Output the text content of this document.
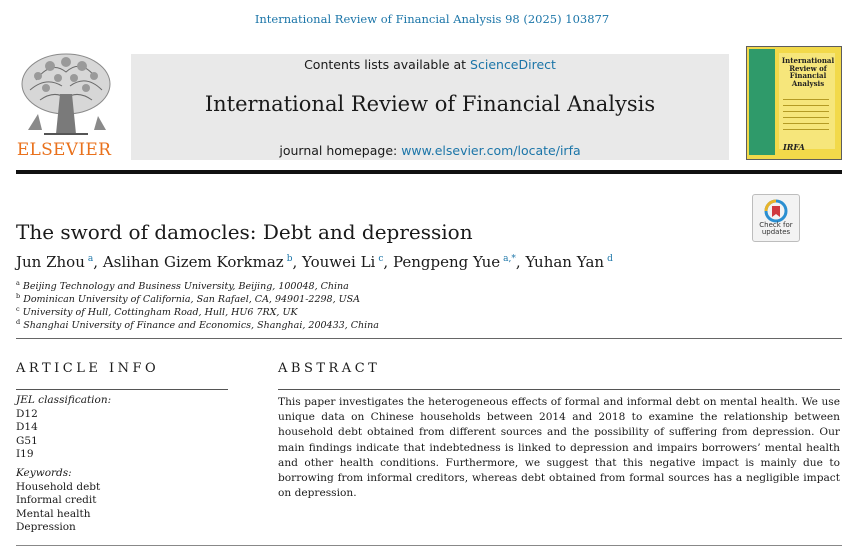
International Review of Financial Analysis 98 (2025) 103877
ELSEVIER
Contents lists available at ScienceDirect
International Review of Financial Analysis
journal homepage: www.elsevier.com/locate/irfa
International Review of Financial Analysis
IRFA
Check for
updates
The sword of damocles: Debt and depression
Jun Zhou  $^a$, Aslihan Gizem Korkmaz  $^b$, Youwei Li  $^c$, Pengpeng Yue  $^{a,*}$, Yuhan Yan  $^d$
$^a$ Beijing Technology and Business University, Beijing, 100048, China
$^b$ Dominican University of California, San Rafael, CA, 94901-2298, USA
$^c$ University of Hull, Cottingham Road, Hull, HU6 7RX, UK
$^d$ Shanghai University of Finance and Economics, Shanghai, 200433, China
ARTICLE INFO
JEL classification:
D12
D14
G51
I19
Keywords:
Household debt
Informal credit
Mental health
Depression
ABSTRACT
This paper investigates the heterogeneous effects of formal and informal debt on mental health. We use unique data on Chinese households between 2014 and 2018 to examine the relationship between household debt obtained from different sources and the possibility of suffering from depression. Our main findings indicate that indebtedness is linked to depression and impairs borrowers’ mental health and other health conditions. Furthermore, we suggest that this negative impact is mainly due to borrowing from informal creditors, whereas debt obtained from formal sources has a negligible impact on depression.
